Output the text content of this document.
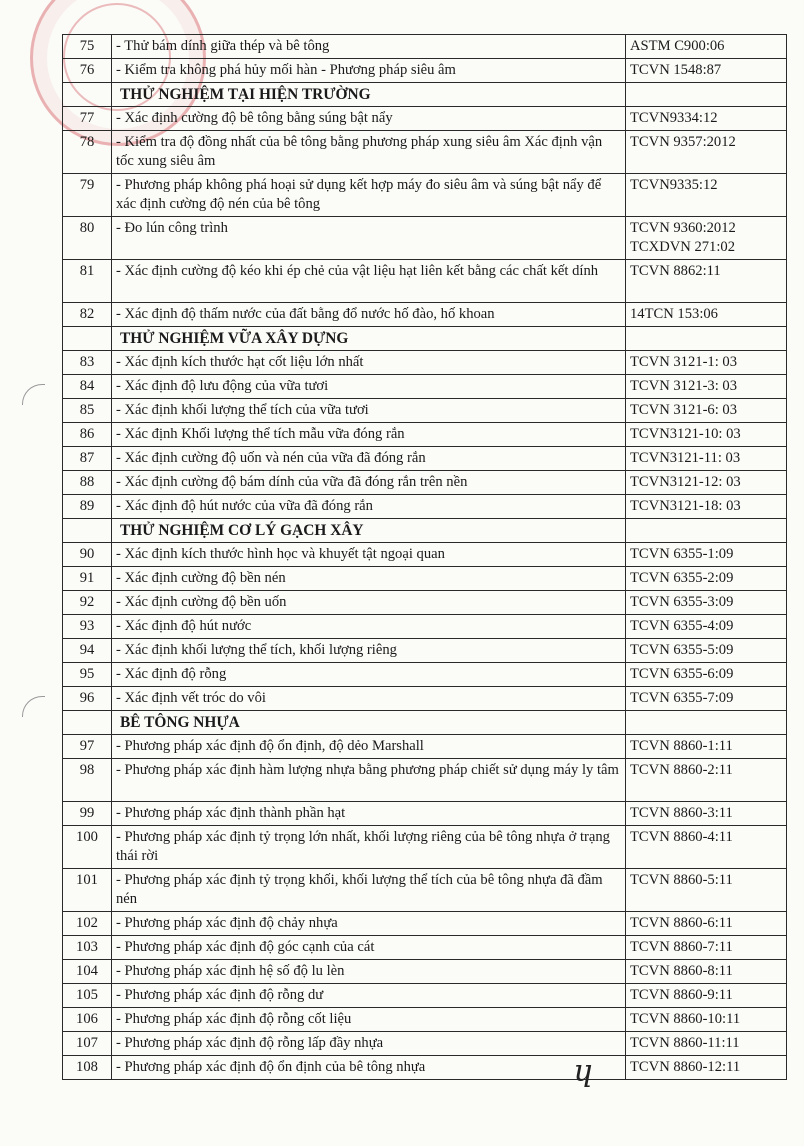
75	- Thử bám dính giữa thép và bê tông	ASTM C900:06

76	- Kiểm tra không phá hủy mối hàn - Phương pháp siêu âm	TCVN 1548:87

	THỬ NGHIỆM TẠI HIỆN TRƯỜNG	
77	- Xác định cường độ bê tông bằng súng bật nẩy	TCVN9334:12

78	- Kiểm tra độ đồng nhất của bê tông bằng phương pháp xung siêu âm Xác định vận tốc xung siêu âm	TCVN 9357:2012

79	- Phương pháp không phá hoại sử dụng kết hợp máy đo siêu âm và súng bật nẩy để xác định cường độ nén của bê tông	TCVN9335:12

80	- Đo lún công trình	TCVN 9360:2012
TCXDVN 271:02

81	- Xác định cường độ kéo khi ép chẻ của vật liệu hạt liên kết bằng các chất kết dính	TCVN 8862:11

82	- Xác định độ thấm nước của đất bằng đổ nước hố đào, hố khoan	14TCN 153:06

	THỬ NGHIỆM VỮA XÂY DỰNG	
83	- Xác định kích thước hạt cốt liệu lớn nhất	TCVN 3121-1: 03

84	- Xác định độ lưu động của vữa tươi	TCVN 3121-3: 03

85	- Xác định khối lượng thể tích của vữa tươi	TCVN 3121-6: 03

86	- Xác định Khối lượng thể tích mẫu vữa đóng rắn	TCVN3121-10: 03

87	- Xác định cường độ uốn và nén của vữa đã đóng rắn	TCVN3121-11: 03

88	- Xác định cường độ bám dính của vữa đã đóng rắn trên nền	TCVN3121-12: 03

89	- Xác định độ hút nước của vữa đã đóng rắn	TCVN3121-18: 03

	THỬ NGHIỆM CƠ LÝ GẠCH XÂY	
90	- Xác định kích thước hình học và khuyết tật ngoại quan	TCVN 6355-1:09

91	- Xác định cường độ bền nén	TCVN 6355-2:09

92	- Xác định cường độ bền uốn	TCVN 6355-3:09

93	- Xác định độ hút nước	TCVN 6355-4:09

94	- Xác định khối lượng thể tích, khối lượng riêng	TCVN 6355-5:09

95	- Xác định độ rỗng	TCVN 6355-6:09

96	- Xác định vết tróc do vôi	TCVN 6355-7:09

	BÊ TÔNG NHỰA	
97	- Phương pháp xác định độ ổn định, độ dẻo Marshall	TCVN 8860-1:11

98	- Phương pháp xác định hàm lượng nhựa bằng phương pháp chiết sử dụng máy ly tâm	TCVN 8860-2:11

99	- Phương pháp xác định thành phần hạt	TCVN 8860-3:11

100	- Phương pháp xác định tỷ trọng lớn nhất, khối lượng riêng của bê tông nhựa ở trạng thái rời	TCVN 8860-4:11

101	- Phương pháp xác định tỷ trọng khối, khối lượng thể tích của bê tông nhựa đã đầm nén	TCVN 8860-5:11

102	- Phương pháp xác định độ chảy nhựa	TCVN 8860-6:11

103	- Phương pháp xác định độ góc cạnh của cát	TCVN 8860-7:11

104	- Phương pháp xác định hệ số độ lu lèn	TCVN 8860-8:11

105	- Phương pháp xác định độ rỗng dư	TCVN 8860-9:11

106	- Phương pháp xác định độ rỗng cốt liệu	TCVN 8860-10:11

107	- Phương pháp xác định độ rỗng lấp đầy nhựa	TCVN 8860-11:11

108	- Phương pháp xác định độ ổn định của bê tông nhựa	TCVN 8860-12:11
ɥ
